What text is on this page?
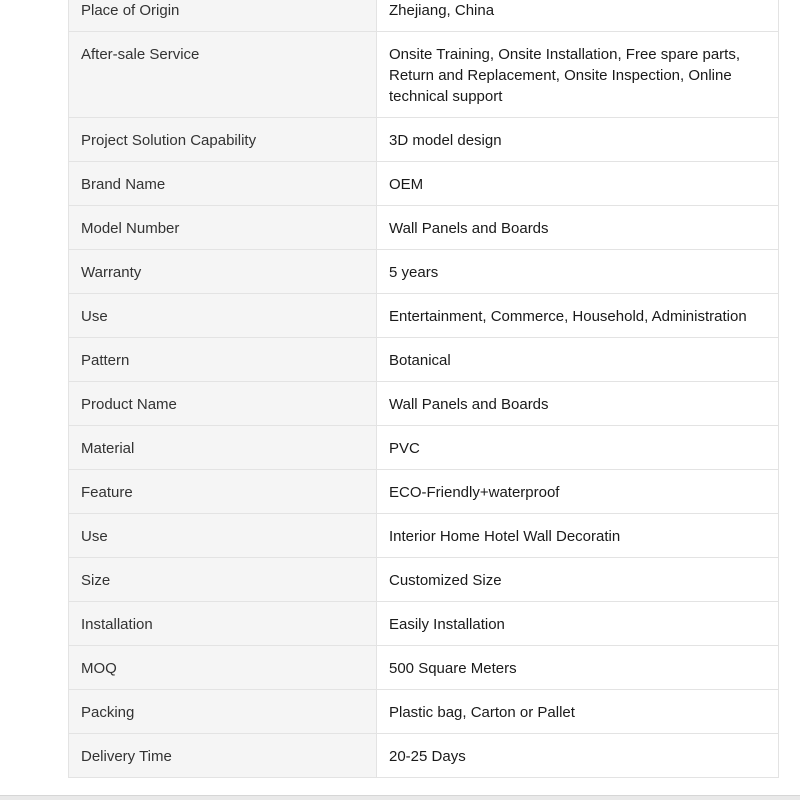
Place of Origin	Zhejiang, China
After-sale Service	Onsite Training, Onsite Installation, Free spare parts, Return and Replacement, Onsite Inspection, Online technical support
Project Solution Capability	3D model design
Brand Name	OEM
Model Number	Wall Panels and Boards
Warranty	5 years
Use	Entertainment, Commerce, Household, Administration
Pattern	Botanical
Product Name	Wall Panels and Boards
Material	PVC
Feature	ECO-Friendly+waterproof
Use	Interior Home Hotel Wall Decoratin
Size	Customized Size
Installation	Easily Installation
MOQ	500 Square Meters
Packing	Plastic bag, Carton or Pallet
Delivery Time	20-25 Days
